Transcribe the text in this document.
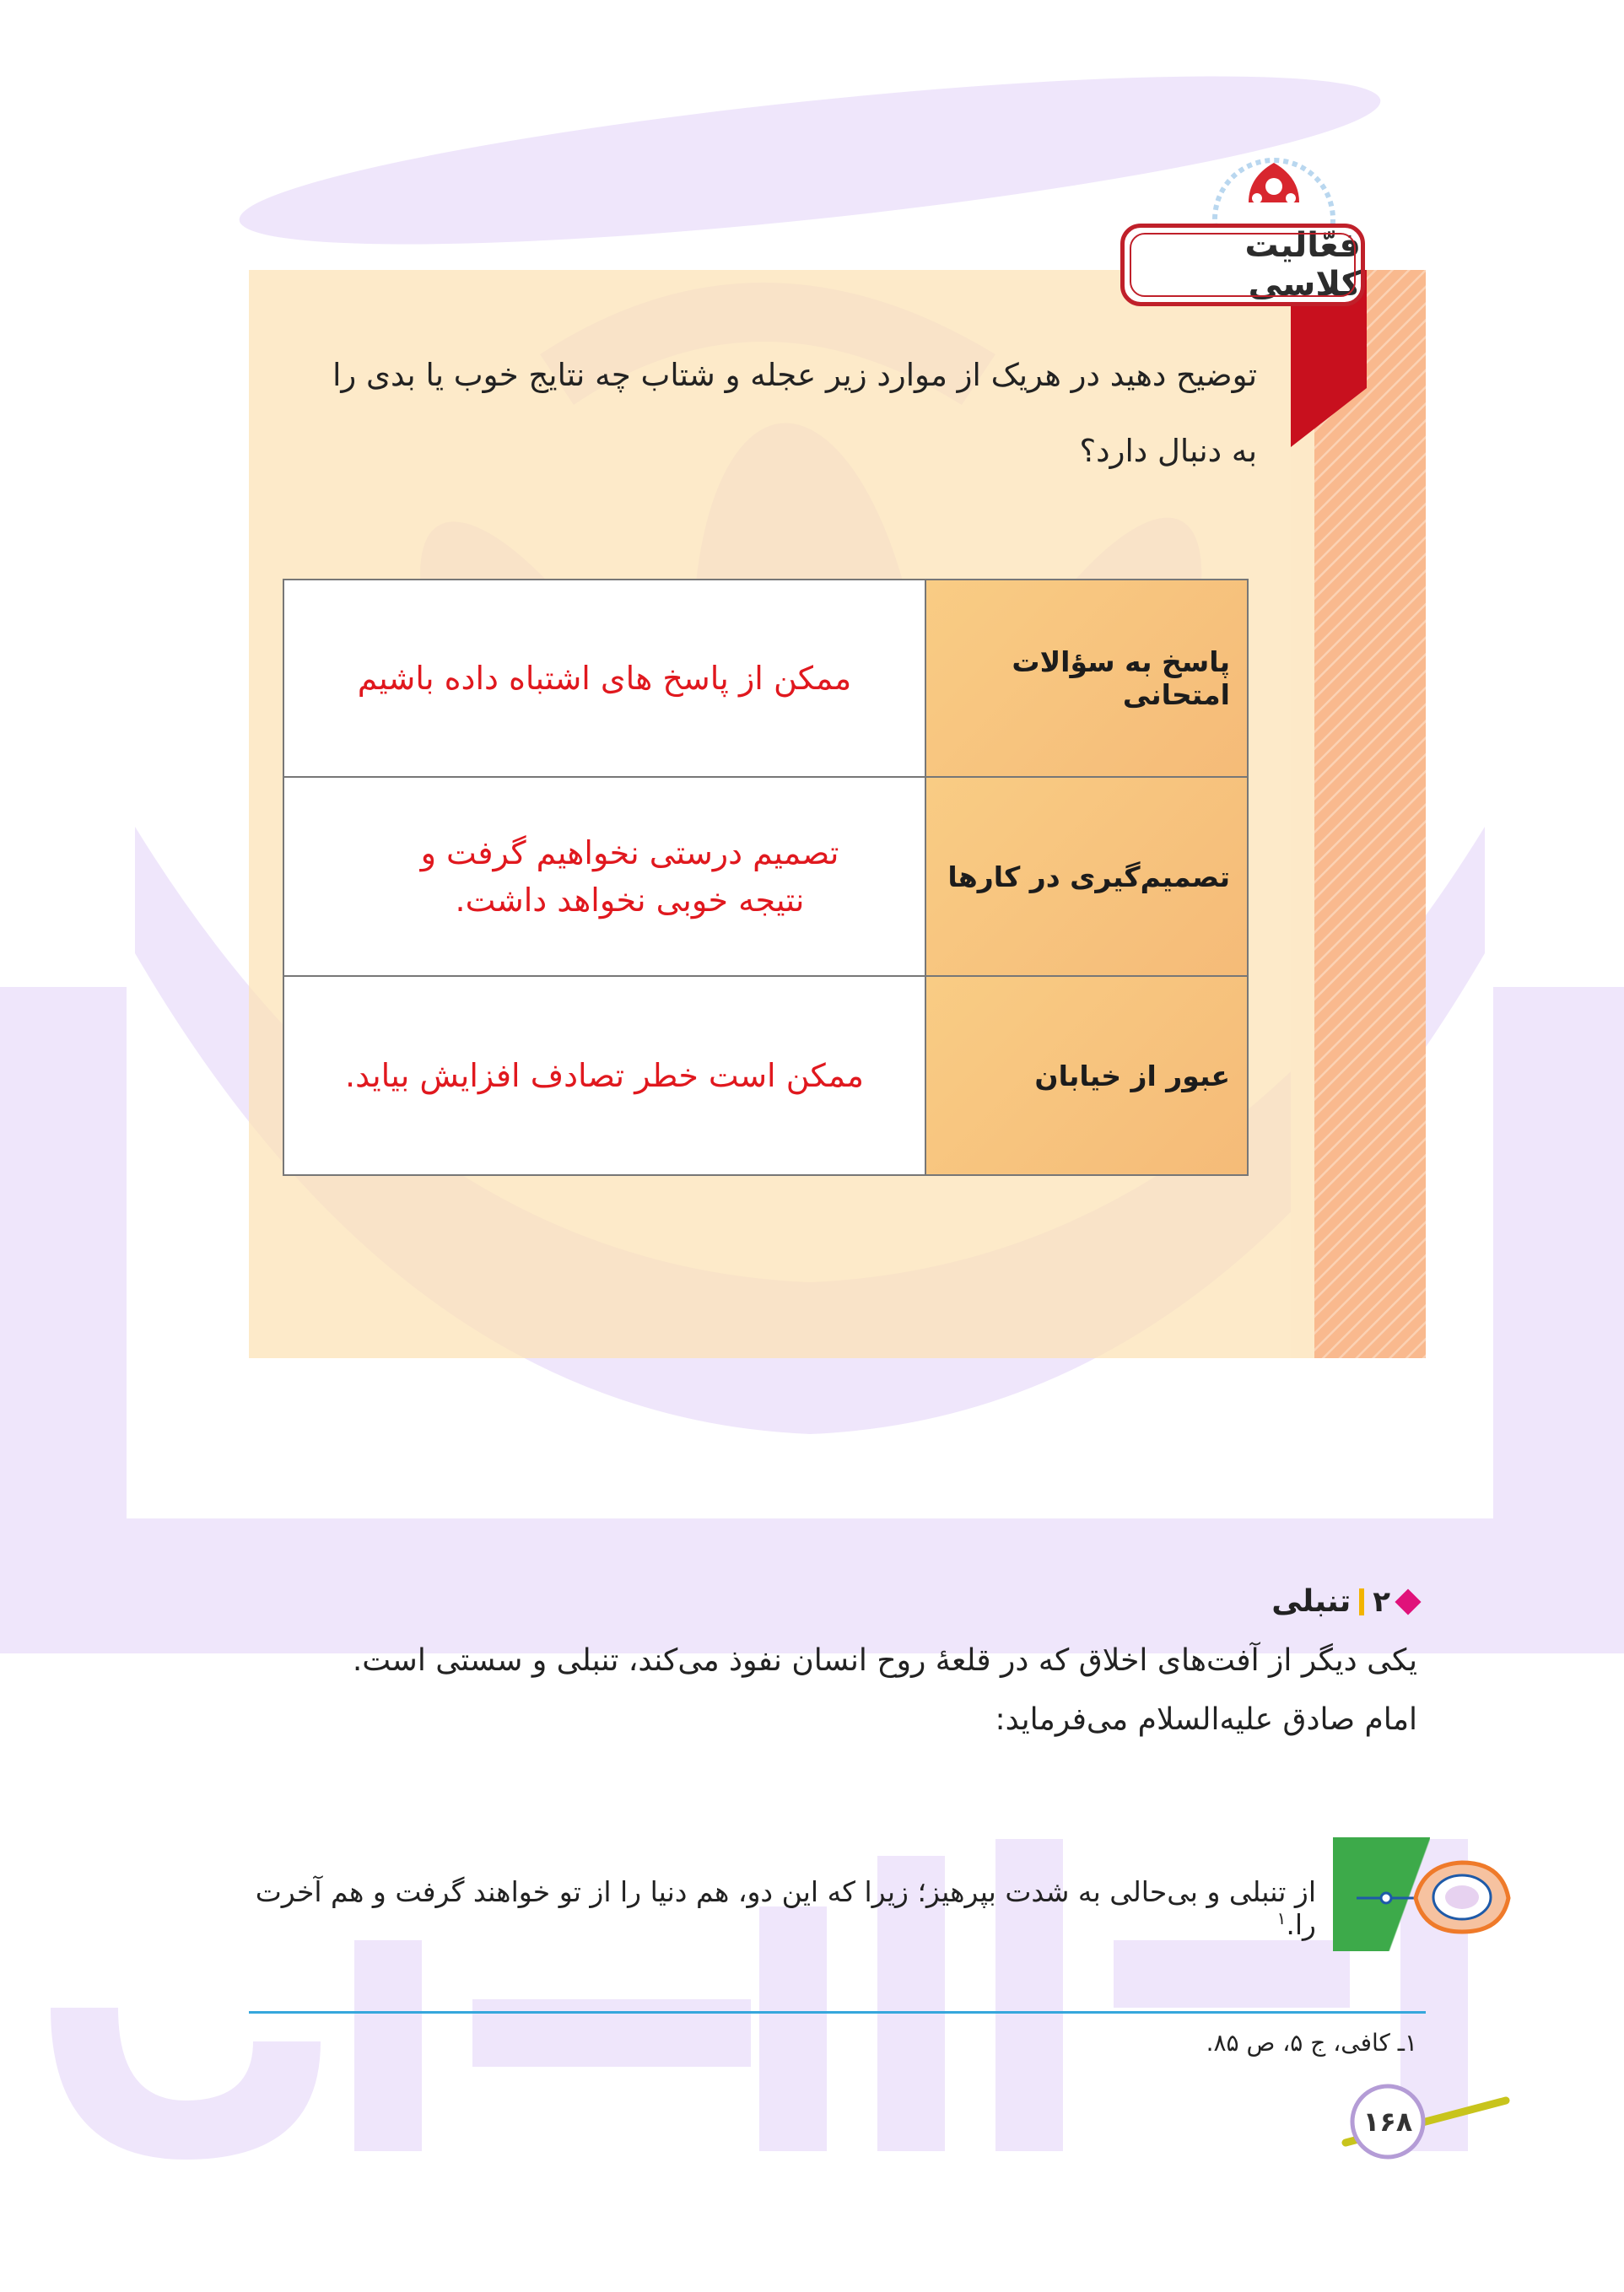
فعّالیت کلاسی
توضیح دهید در هریک از موارد زیر عجله و شتاب چه نتایج خوب یا بدی را
به دنبال دارد؟
پاسخ به سؤالات امتحانی	ممکن از پاسخ های اشتباه داده باشیم
تصمیم‌گیری در کارها	تصمیم درستی نخواهیم گرفت و نتیجه خوبی نخواهد داشت.
عبور از خیابان	ممکن است خطر تصادف افزایش بیاید.
۲
تنبلی
یکی دیگر از آفت‌های اخلاق که در قلعهٔ روح انسان نفوذ می‌کند، تنبلی و سستی است.
امام صادق علیه‌السلام می‌فرماید:
از تنبلی و بی‌حالی به شدت بپرهیز؛ زیرا که این دو، هم دنیا را از تو خواهند گرفت و هم آخرت را.$^۱$
۱ـ کافی، ج ۵، ص ۸۵.
۱۶۸
